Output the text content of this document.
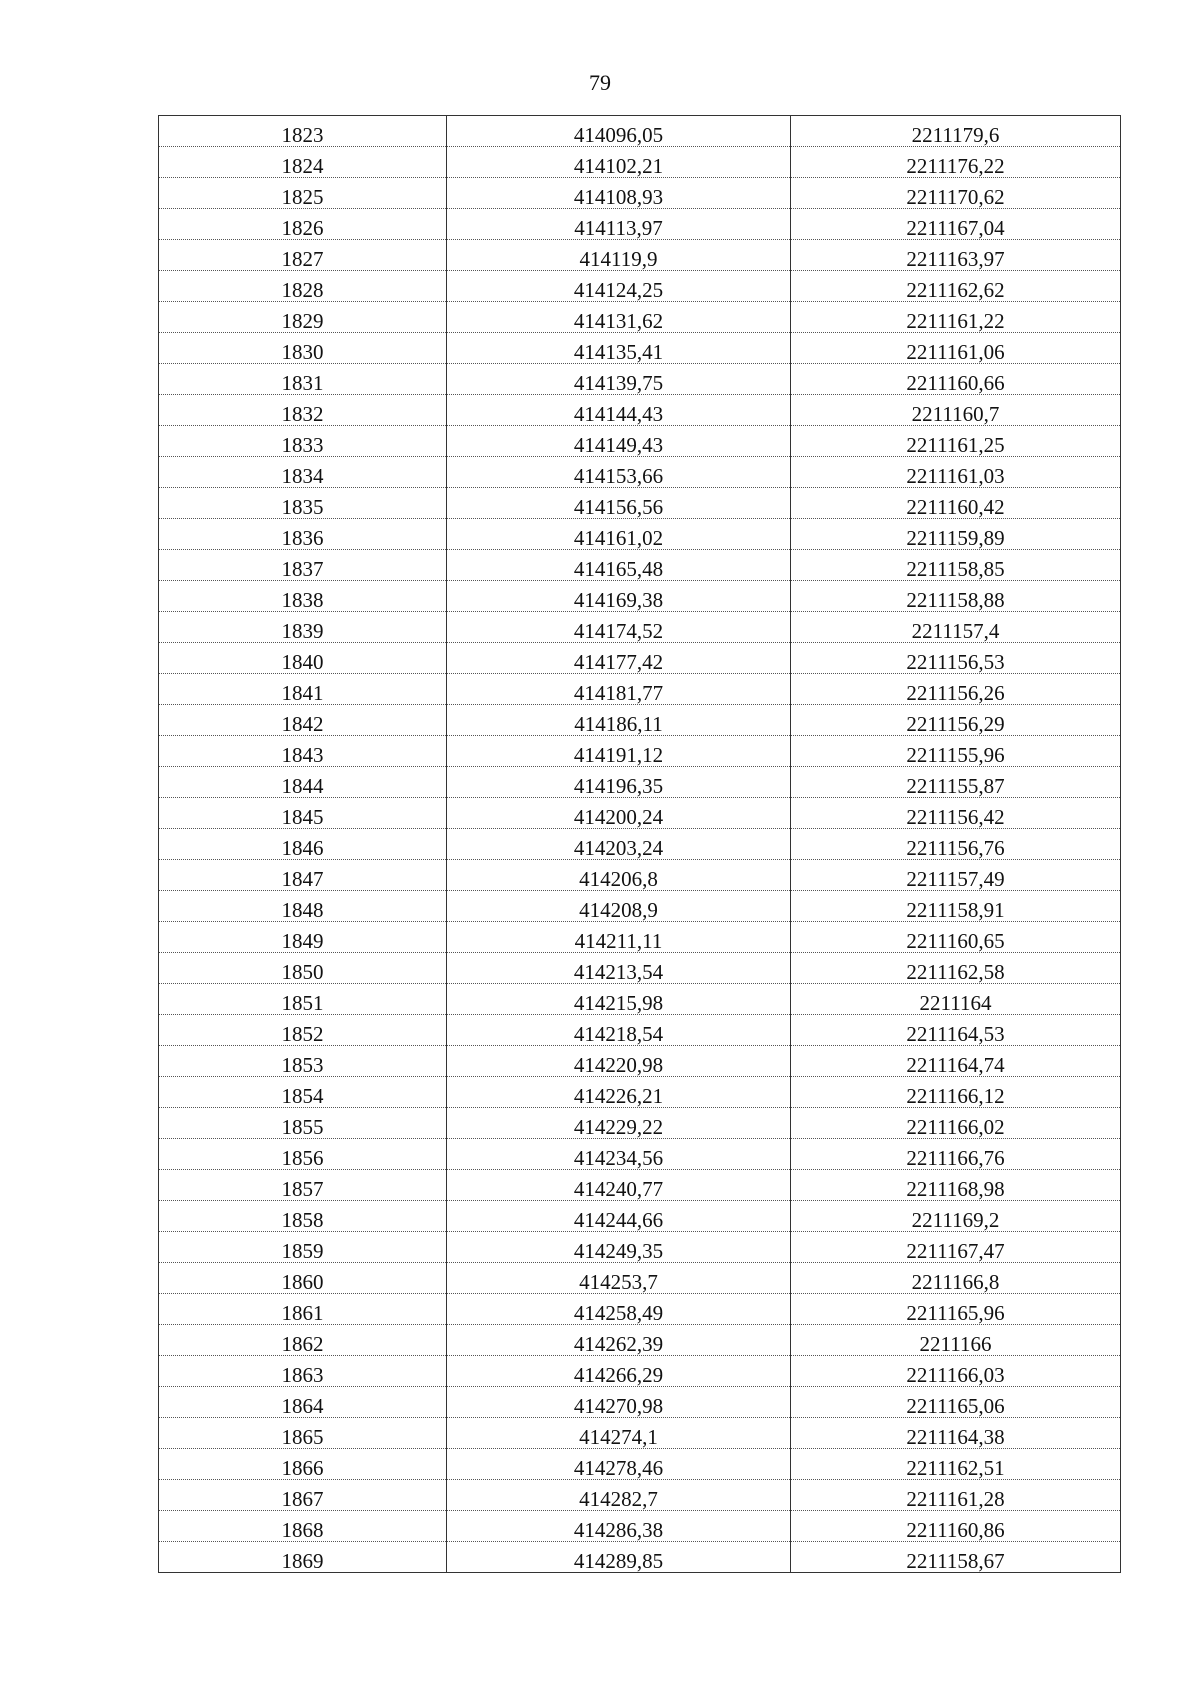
79
1823	414096,05	2211179,6
1824	414102,21	2211176,22
1825	414108,93	2211170,62
1826	414113,97	2211167,04
1827	414119,9	2211163,97
1828	414124,25	2211162,62
1829	414131,62	2211161,22
1830	414135,41	2211161,06
1831	414139,75	2211160,66
1832	414144,43	2211160,7
1833	414149,43	2211161,25
1834	414153,66	2211161,03
1835	414156,56	2211160,42
1836	414161,02	2211159,89
1837	414165,48	2211158,85
1838	414169,38	2211158,88
1839	414174,52	2211157,4
1840	414177,42	2211156,53
1841	414181,77	2211156,26
1842	414186,11	2211156,29
1843	414191,12	2211155,96
1844	414196,35	2211155,87
1845	414200,24	2211156,42
1846	414203,24	2211156,76
1847	414206,8	2211157,49
1848	414208,9	2211158,91
1849	414211,11	2211160,65
1850	414213,54	2211162,58
1851	414215,98	2211164
1852	414218,54	2211164,53
1853	414220,98	2211164,74
1854	414226,21	2211166,12
1855	414229,22	2211166,02
1856	414234,56	2211166,76
1857	414240,77	2211168,98
1858	414244,66	2211169,2
1859	414249,35	2211167,47
1860	414253,7	2211166,8
1861	414258,49	2211165,96
1862	414262,39	2211166
1863	414266,29	2211166,03
1864	414270,98	2211165,06
1865	414274,1	2211164,38
1866	414278,46	2211162,51
1867	414282,7	2211161,28
1868	414286,38	2211160,86
1869	414289,85	2211158,67
